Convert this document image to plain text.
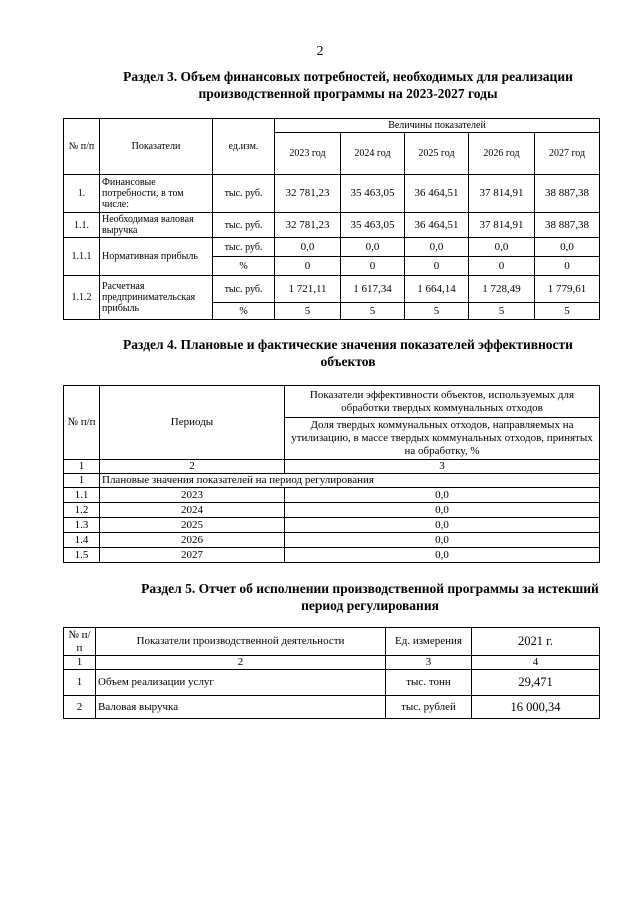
2
Раздел 3. Объем финансовых потребностей, необходимых для реализации
производственной программы на 2023-2027 годы
№ п/п	Показатели	ед.изм.	Величины показателей				
			2023 год	2024 год	2025 год	2026 год	2027 год
1.	Финансовые потребности, в том числе:	тыс. руб.	32 781,23	35 463,05	36 464,51	37 814,91	38 887,38
1.1.	Необходимая валовая выручка	тыс. руб.	32 781,23	35 463,05	36 464,51	37 814,91	38 887,38
1.1.1	Нормативная прибыль	тыс. руб.	0,0	0,0	0,0	0,0	0,0
		%	0	0	0	0	0
1.1.2	Расчетная предпринимательская прибыль	тыс. руб.	1 721,11	1 617,34	1 664,14	1 728,49	1 779,61
		%	5	5	5	5	5
Раздел 4. Плановые и фактические значения показателей эффективности
объектов
№ п/п	Периоды	Показатели эффективности объектов, используемых для обработки твердых коммунальных отходов
		Доля твердых коммунальных отходов, направляемых на утилизацию, в массе твердых коммунальных отходов, принятых на обработку, %
1	2	3
1	Плановые значения показателей на период регулирования	
1.1	2023	0,0
1.2	2024	0,0
1.3	2025	0,0
1.4	2026	0,0
1.5	2027	0,0
Раздел 5. Отчет об исполнении производственной программы за истекший
период регулирования
№ п/п	Показатели производственной деятельности	Ед. измерения	2021 г.
1	2	3	4
1	Объем реализации услуг	тыс. тонн	29,471
2	Валовая выручка	тыс. рублей	16 000,34
